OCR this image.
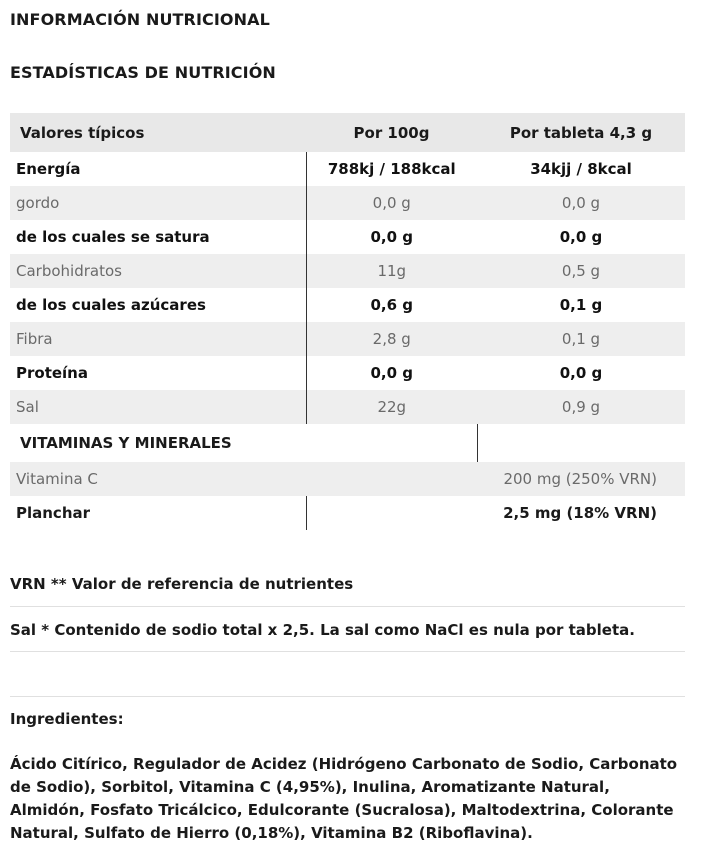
INFORMACIÓN NUTRICIONAL
ESTADÍSTICAS DE NUTRICIÓN
Valores típicos	Por 100g	Por tableta 4,3 g
Energía	788kj / 188kcal	34kjj / 8kcal
gordo	0,0 g	0,0 g
de los cuales se satura	0,0 g	0,0 g
Carbohidratos	11g	0,5 g
de los cuales azúcares	0,6 g	0,1 g
Fibra	2,8 g	0,1 g
Proteína	0,0 g	0,0 g
Sal	22g	0,9 g
VITAMINAS Y MINERALES		
Vitamina C		200 mg (250% VRN)
Planchar		2,5 mg (18% VRN)
VRN ** Valor de referencia de nutrientes
Sal * Contenido de sodio total x 2,5. La sal como NaCl es nula por tableta.
Ingredientes:
Ácido Citírico, Regulador de Acidez (Hidrógeno Carbonato de Sodio, Carbonato de Sodio), Sorbitol, Vitamina C (4,95%), Inulina, Aromatizante Natural, Almidón, Fosfato Tricálcico, Edulcorante (Sucralosa), Maltodextrina, Colorante Natural, Sulfato de Hierro (0,18%), Vitamina B2 (Riboflavina).
